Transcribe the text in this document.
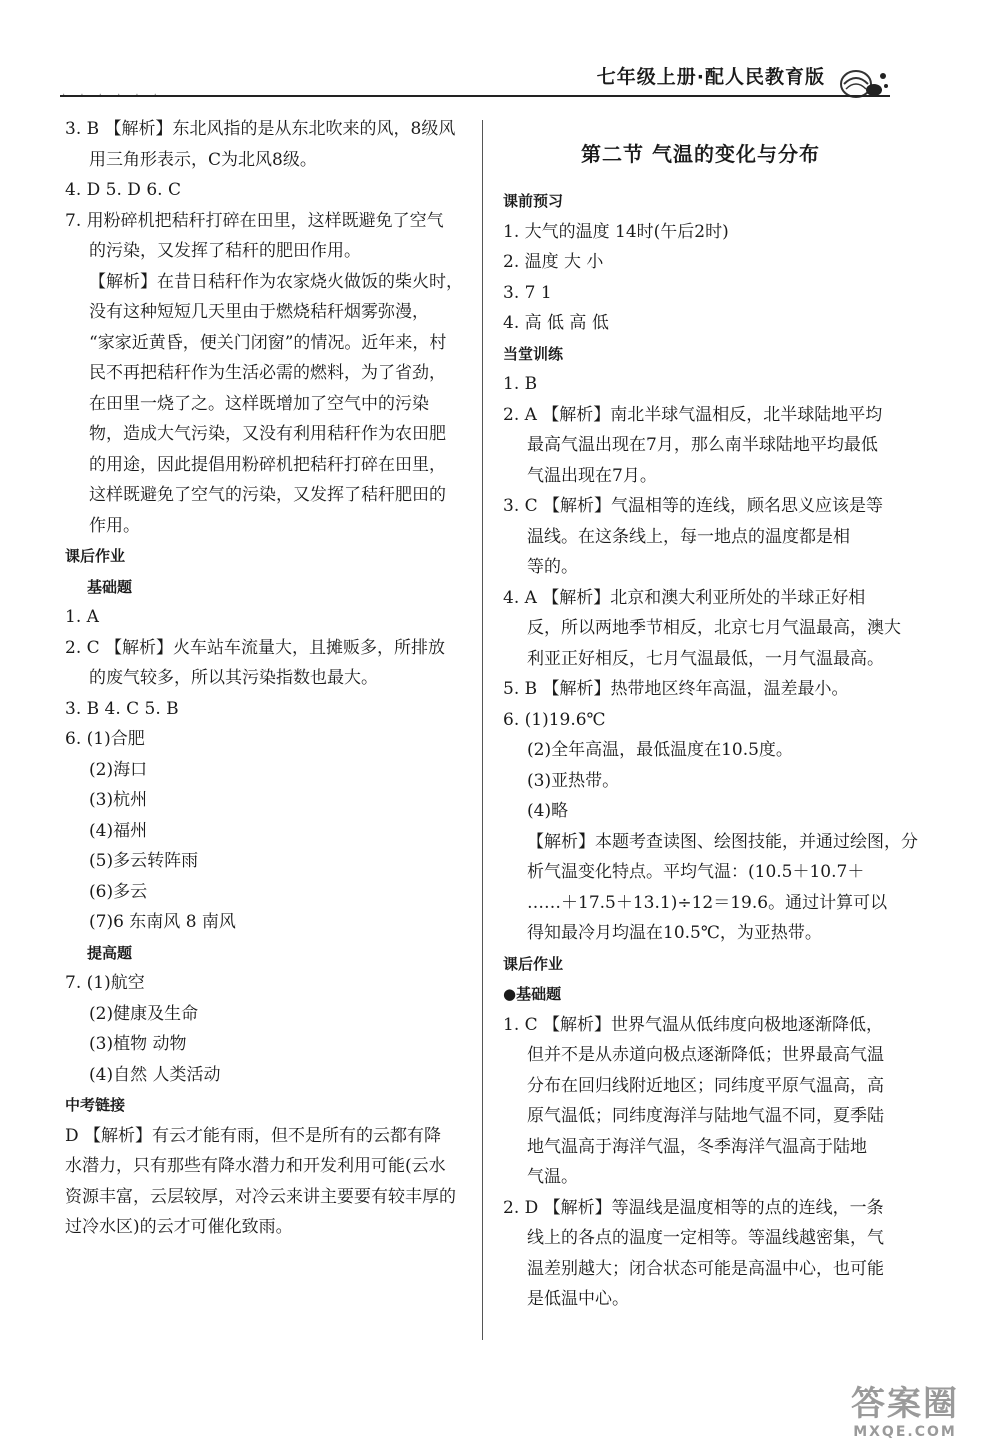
· · · · · ·
七年级上册·配人民教育版
3. B 【解析】东北风指的是从东北吹来的风，8级风
用三角形表示，C为北风8级。
4. D 5. D 6. C
7. 用粉碎机把秸秆打碎在田里，这样既避免了空气
的污染，又发挥了秸秆的肥田作用。
【解析】在昔日秸秆作为农家烧火做饭的柴火时，
没有这种短短几天里由于燃烧秸秆烟雾弥漫，
“家家近黄昏，便关门闭窗”的情况。近年来，村
民不再把秸秆作为生活必需的燃料，为了省劲，
在田里一烧了之。这样既增加了空气中的污染
物，造成大气污染，又没有利用秸秆作为农田肥
的用途，因此提倡用粉碎机把秸秆打碎在田里，
这样既避免了空气的污染，又发挥了秸秆肥田的
作用。
课后作业
基础题
1. A
2. C 【解析】火车站车流量大，且摊贩多，所排放
的废气较多，所以其污染指数也最大。
3. B 4. C 5. B
6. (1)合肥
(2)海口
(3)杭州
(4)福州
(5)多云转阵雨
(6)多云
(7)6 东南风 8 南风
提高题
7. (1)航空
(2)健康及生命
(3)植物 动物
(4)自然 人类活动
中考链接
D 【解析】有云才能有雨，但不是所有的云都有降
水潜力，只有那些有降水潜力和开发利用可能(云水
资源丰富，云层较厚，对冷云来讲主要要有较丰厚的
过冷水区)的云才可催化致雨。
第二节 气温的变化与分布
课前预习
1. 大气的温度 14时(午后2时)
2. 温度 大 小
3. 7 1
4. 高 低 高 低
当堂训练
1. B
2. A 【解析】南北半球气温相反，北半球陆地平均
最高气温出现在7月，那么南半球陆地平均最低
气温出现在7月。
3. C 【解析】气温相等的连线，顾名思义应该是等
温线。在这条线上，每一地点的温度都是相
等的。
4. A 【解析】北京和澳大利亚所处的半球正好相
反，所以两地季节相反，北京七月气温最高，澳大
利亚正好相反，七月气温最低，一月气温最高。
5. B 【解析】热带地区终年高温，温差最小。
6. (1)19.6℃
(2)全年高温，最低温度在10.5度。
(3)亚热带。
(4)略
【解析】本题考查读图、绘图技能，并通过绘图，分
析气温变化特点。平均气温：(10.5＋10.7＋
……＋17.5＋13.1)÷12＝19.6。通过计算可以
得知最冷月均温在10.5℃，为亚热带。
课后作业
●基础题
1. C 【解析】世界气温从低纬度向极地逐渐降低，
但并不是从赤道向极点逐渐降低；世界最高气温
分布在回归线附近地区；同纬度平原气温高，高
原气温低；同纬度海洋与陆地气温不同，夏季陆
地气温高于海洋气温，冬季海洋气温高于陆地
气温。
2. D 【解析】等温线是温度相等的点的连线，一条
线上的各点的温度一定相等。等温线越密集，气
温差别越大；闭合状态可能是高温中心，也可能
是低温中心。
答案圈
MXQE.COM
